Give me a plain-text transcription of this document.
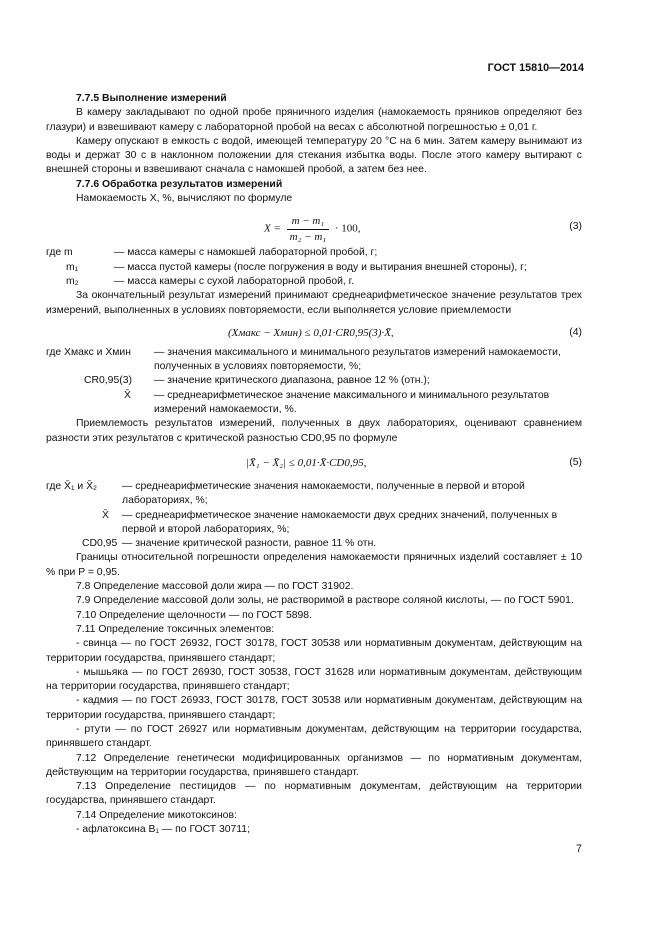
ГОСТ 15810—2014
7.7.5 Выполнение измерений
В камеру закладывают по одной пробе пряничного изделия (намокаемость пряников определяют без глазури) и взвешивают камеру с лабораторной пробой на весах с абсолютной погрешностью ± 0,01 г.
Камеру опускают в емкость с водой, имеющей температуру 20 °С на 6 мин. Затем камеру вынимают из воды и держат 30 с в наклонном положении для стекания избытка воды. После этого камеру вытирают с внешней стороны и взвешивают сначала с намокшей пробой, а затем без нее.
7.7.6 Обработка результатов измерений
Намокаемость X, %, вычисляют по формуле
$X = \frac{\text{m − m₁}}{\text{m₂ − m₁}} \cdot 100$,	(3)
где m	— масса камеры с намокшей лабораторной пробой, г;
m₁	— масса пустой камеры (после погружения в воду и вытирания внешней стороны), г;
m₂	— масса камеры с сухой лабораторной пробой, г.
За окончательный результат измерений принимают среднеарифметическое значение результатов трех измерений, выполненных в условиях повторяемости, если выполняется условие приемлемости
(Xмакс − Xмин) ≤ 0,01·CR0,95(3)·X̄,	(4)
где Xмакс и Xмин	— значения максимального и минимального результатов измерений намокаемости, полученных в условиях повторяемости, %;
CR0,95(3)	— значение критического диапазона, равное 12 % (отн.);
X̄	— среднеарифметическое значение максимального и минимального результатов измерений намокаемости, %.
Приемлемость результатов измерений, полученных в двух лабораториях, оценивают сравнением разности этих результатов с критической разностью CD0,95 по формуле
|X̄₁ − X̄₂| ≤ 0,01·X̄·CD0,95,	(5)
где X̄₁ и X̄₂	— среднеарифметические значения намокаемости, полученные в первой и второй лабораториях, %;
X̄	— среднеарифметическое значение намокаемости двух средних значений, полученных в первой и второй лабораториях, %;
CD0,95 — значение критической разности, равное 11 % отн.
Границы относительной погрешности определения намокаемости пряничных изделий составляет ± 10 % при P = 0,95.
7.8 Определение массовой доли жира — по ГОСТ 31902.
7.9 Определение массовой доли золы, не растворимой в растворе соляной кислоты, — по ГОСТ 5901.
7.10 Определение щелочности — по ГОСТ 5898.
7.11 Определение токсичных элементов:
- свинца — по ГОСТ 26932, ГОСТ 30178, ГОСТ 30538 или нормативным документам, действующим на территории государства, принявшего стандарт;
- мышьяка — по ГОСТ 26930, ГОСТ 30538, ГОСТ 31628 или нормативным документам, действующим на территории государства, принявшего стандарт;
- кадмия — по ГОСТ 26933, ГОСТ 30178, ГОСТ 30538 или нормативным документам, действующим на территории государства, принявшего стандарт;
- ртути — по ГОСТ 26927 или нормативным документам, действующим на территории государства, принявшего стандарт.
7.12 Определение генетически модифицированных организмов — по нормативным документам, действующим на территории государства, принявшего стандарт.
7.13 Определение пестицидов — по нормативным документам, действующим на территории государства, принявшего стандарт.
7.14 Определение микотоксинов:
- афлатоксина B₁ — по ГОСТ 30711;
7
